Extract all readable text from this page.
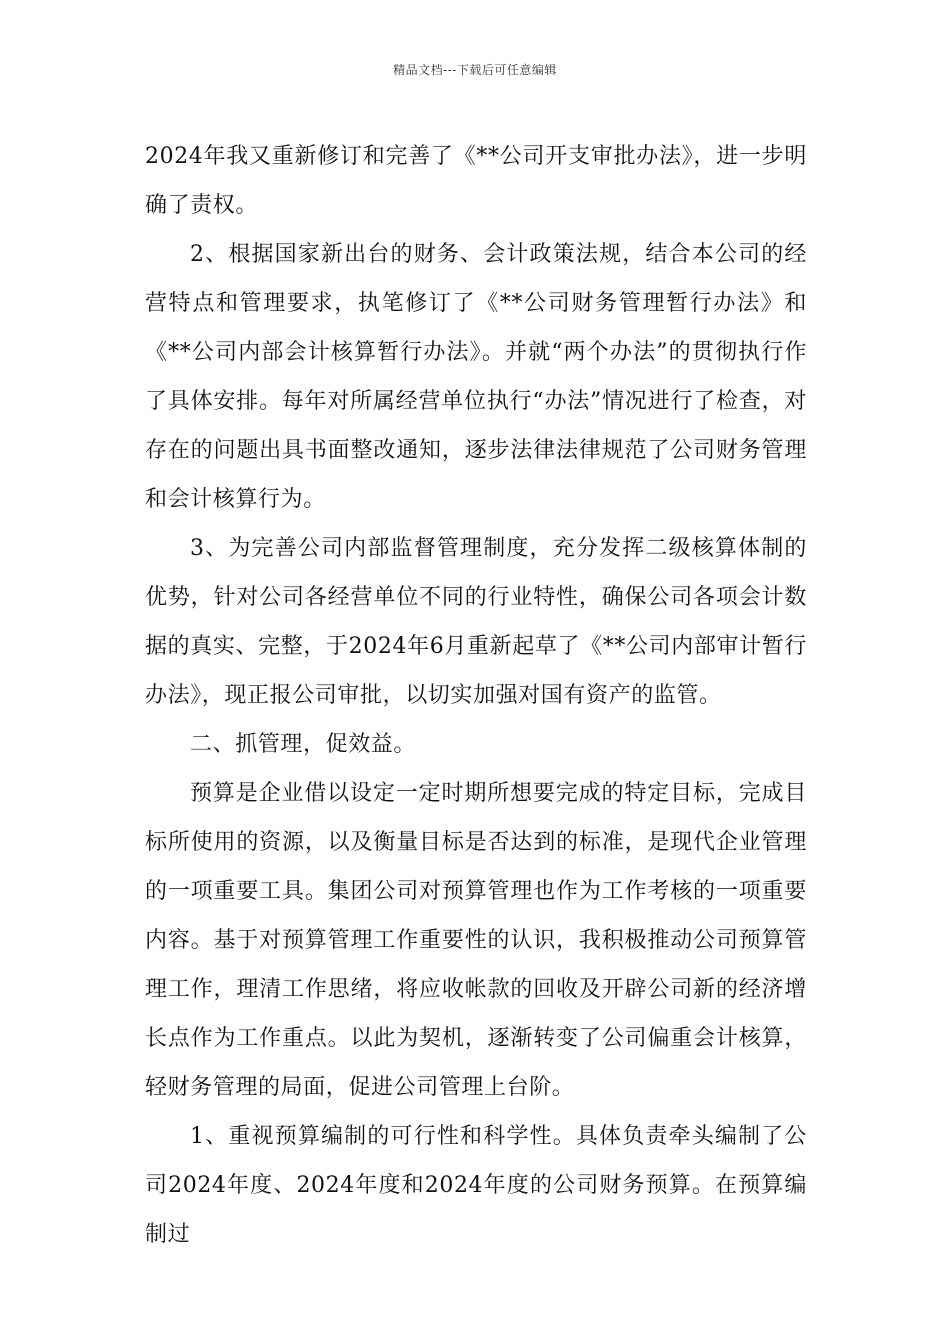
精品文档---下载后可任意编辑

2024年我又重新修订和完善了《**公司开支审批办法》，进一步明确了责权。

2、根据国家新出台的财务、会计政策法规，结合本公司的经营特点和管理要求，执笔修订了《**公司财务管理暂行办法》和《**公司内部会计核算暂行办法》。并就“两个办法”的贯彻执行作了具体安排。每年对所属经营单位执行“办法”情况进行了检查，对存在的问题出具书面整改通知，逐步法律法律规范了公司财务管理和会计核算行为。

3、为完善公司内部监督管理制度，充分发挥二级核算体制的优势，针对公司各经营单位不同的行业特性，确保公司各项会计数据的真实、完整，于2024年6月重新起草了《**公司内部审计暂行办法》，现正报公司审批，以切实加强对国有资产的监管。

二、抓管理，促效益。

预算是企业借以设定一定时期所想要完成的特定目标，完成目标所使用的资源，以及衡量目标是否达到的标准，是现代企业管理的一项重要工具。集团公司对预算管理也作为工作考核的一项重要内容。基于对预算管理工作重要性的认识，我积极推动公司预算管理工作，理清工作思绪，将应收帐款的回收及开辟公司新的经济增长点作为工作重点。以此为契机，逐渐转变了公司偏重会计核算，轻财务管理的局面，促进公司管理上台阶。

1、重视预算编制的可行性和科学性。具体负责牵头编制了公司2024年度、2024年度和2024年度的公司财务预算。在预算编制过
